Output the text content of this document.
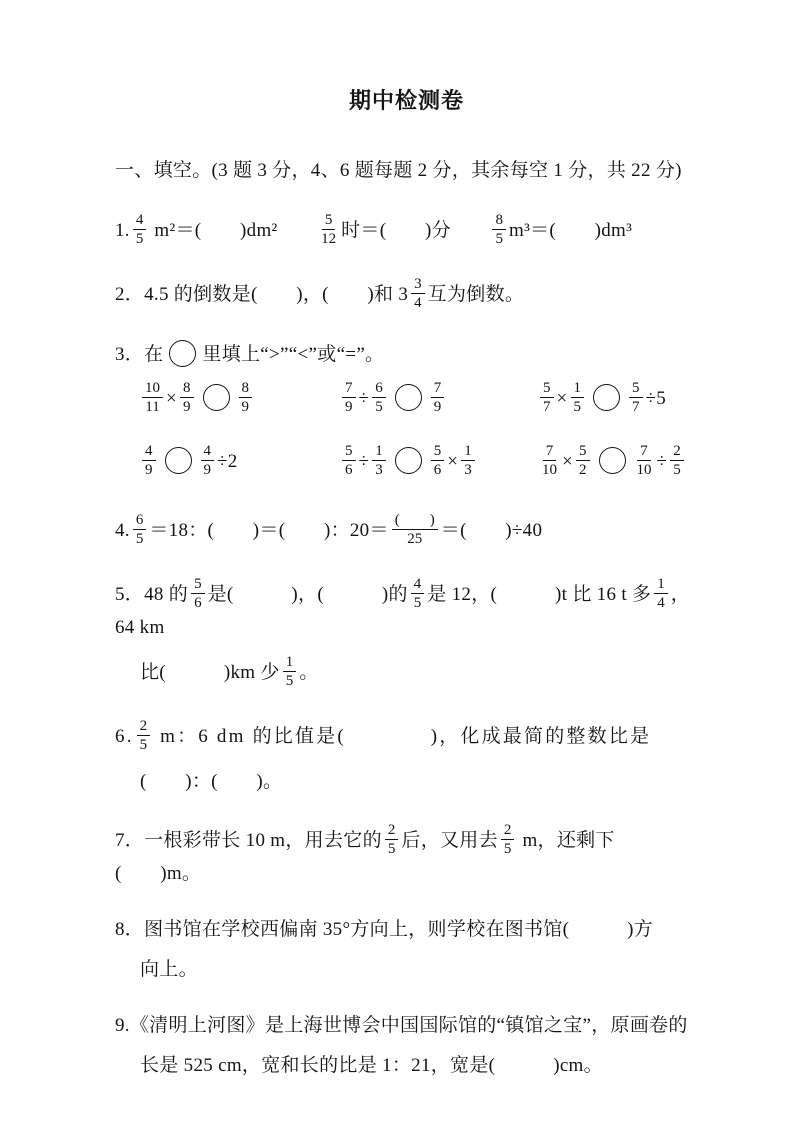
期中检测卷
一、填空。(3 题 3 分，4、6 题每题 2 分，其余每空 1 分，共 22 分)
1. $\frac{4}{5} m^2=$(　　)dm²　　 $\frac{5}{12}$ 时＝(　　)分　　 $\frac{8}{5} m^3=$(　　)dm³
2．4.5 的倒数是(　　)，(　　)和 $3 \frac{3}{4}$ 互为倒数。
3．在 里填上“>”“<”或“=”。
$\frac{10}{11} \times \frac{8}{9}$	$\frac{8}{9}$	$\frac{7}{9} \div \frac{6}{5}$	$\frac{7}{9}$	$\frac{5}{7} \times \frac{1}{5}$	$\frac{5}{7} \div 5$
$\frac{4}{9}$	$\frac{4}{9} \div 2$	$\frac{5}{6} \div \frac{1}{3}$	$\frac{5}{6} \times \frac{1}{3}$	$\frac{7}{10} \times \frac{5}{2}$	$\frac{7}{10} \div \frac{2}{5}$
4. $\frac{6}{5} =18$：(　　)＝(　　)：$20= \frac{( )}{25}$ ＝(　　)÷40
5．48 的 $\frac{5}{6}$ 是(　　　)，(　　　)的 $\frac{4}{5}$ 是 12，(　　　)t 比 16 t 多 $\frac{1}{4}$ ，64 km
比(　　　)km 少 $\frac{1}{5}$ 。
6. $\frac{2}{5}$ m：6 dm 的比值是(　　　　)，化成最简的整数比是
(　　)：(　　)。
7．一根彩带长 10 m，用去它的 $\frac{2}{5}$ 后，又用去 $\frac{2}{5}$ m，还剩下(　　)m。
8．图书馆在学校西偏南 35°方向上，则学校在图书馆(　　　)方
向上。
9.《清明上河图》是上海世博会中国国际馆的“镇馆之宝”，原画卷的
长是 525 cm，宽和长的比是 1：21，宽是(　　　)cm。
